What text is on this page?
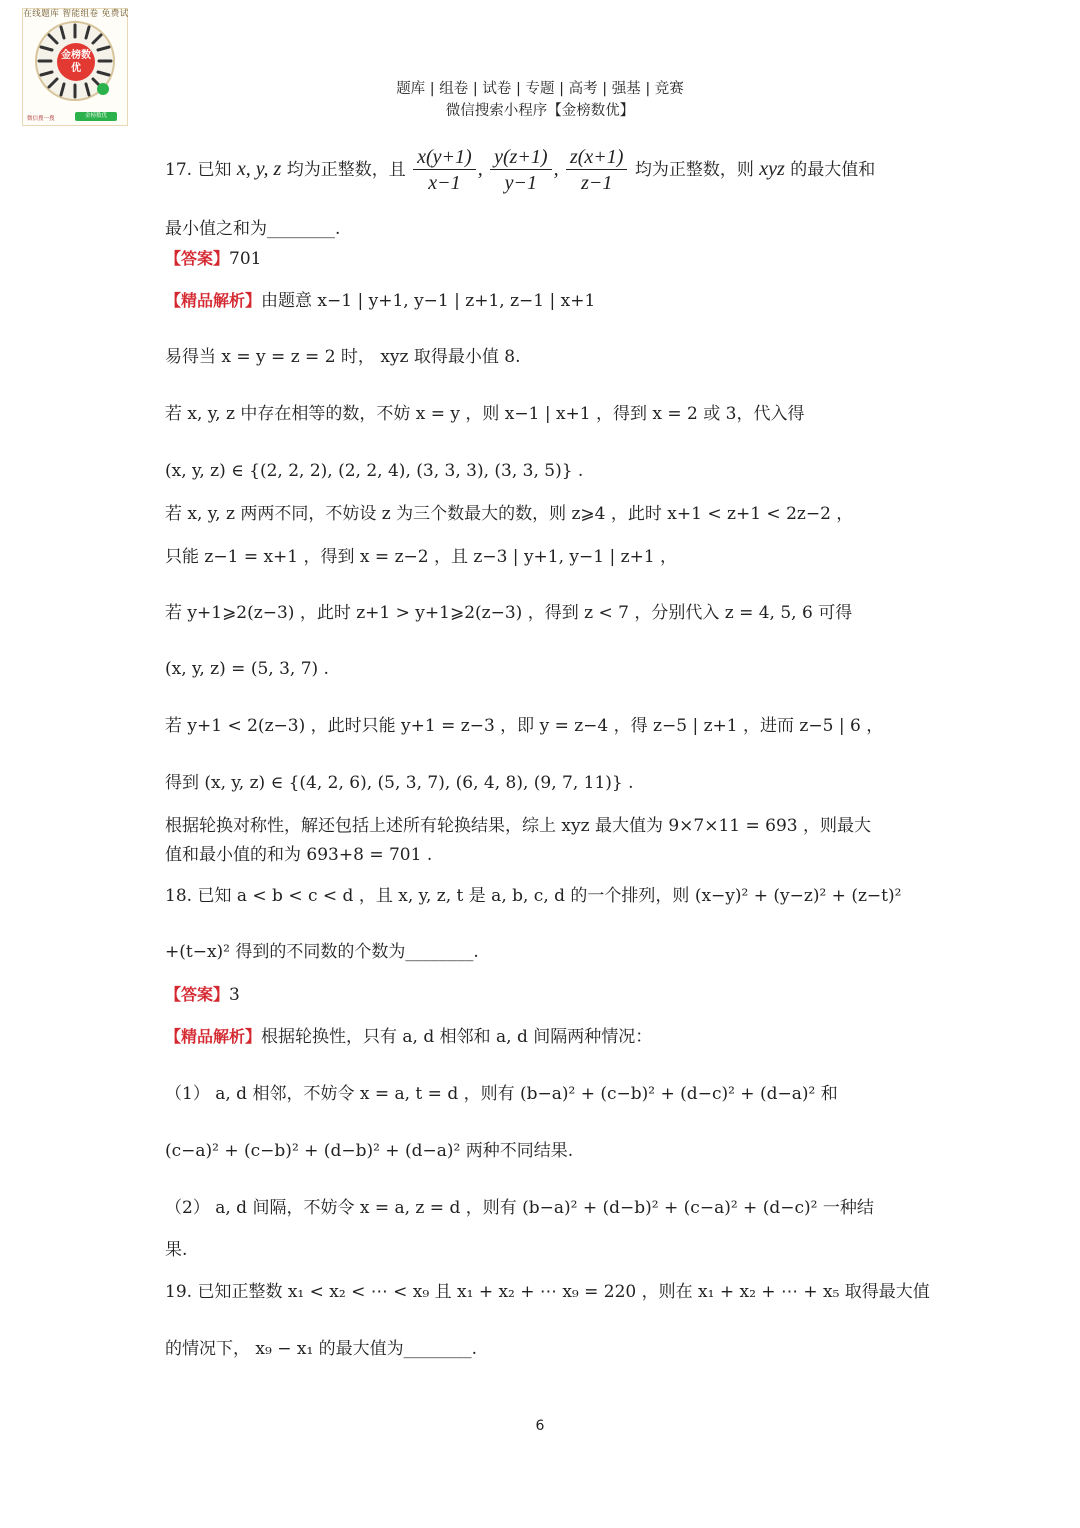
在线题库 智能组卷 免费试
金榜数优
微信搜一搜	金榜数优
题库 | 组卷 | 试卷 | 专题 | 高考 | 强基 | 竞赛
微信搜索小程序【金榜数优】
17. 已知 x, y, z 均为正整数，且 $\frac{x(y+1)}{x-1}$ , $\frac{y(z+1)}{y-1}$ , $\frac{z(x+1)}{z-1}$ 均为正整数，则 xyz 的最大值和
最小值之和为________.
【答案】701
【精品解析】由题意 x−1 | y+1, y−1 | z+1, z−1 | x+1
易得当 x = y = z = 2 时， xyz 取得最小值 8.
若 x, y, z 中存在相等的数，不妨 x = y ，则 x−1 | x+1 ，得到 x = 2 或 3，代入得
(x, y, z) ∈ {(2, 2, 2), (2, 2, 4), (3, 3, 3), (3, 3, 5)} .
若 x, y, z 两两不同，不妨设 z 为三个数最大的数，则 z⩾4 ，此时 x+1 < z+1 < 2z−2 ，
只能 z−1 = x+1 ，得到 x = z−2 ，且 z−3 | y+1, y−1 | z+1 ，
若 y+1⩾2(z−3) ，此时 z+1 > y+1⩾2(z−3) ，得到 z < 7 ，分别代入 z = 4, 5, 6 可得
(x, y, z) = (5, 3, 7) .
若 y+1 < 2(z−3) ，此时只能 y+1 = z−3 ，即 y = z−4 ，得 z−5 | z+1 ，进而 z−5 | 6 ，
得到 (x, y, z) ∈ {(4, 2, 6), (5, 3, 7), (6, 4, 8), (9, 7, 11)} .
根据轮换对称性，解还包括上述所有轮换结果，综上 xyz 最大值为 9×7×11 = 693 ，则最大
值和最小值的和为 693+8 = 701 .
18. 已知 a < b < c < d ，且 x, y, z, t 是 a, b, c, d 的一个排列，则 (x−y)² + (y−z)² + (z−t)²
+(t−x)² 得到的不同数的个数为________.
【答案】3
【精品解析】根据轮换性，只有 a, d 相邻和 a, d 间隔两种情况：
（1） a, d 相邻，不妨令 x = a, t = d ，则有 (b−a)² + (c−b)² + (d−c)² + (d−a)² 和
(c−a)² + (c−b)² + (d−b)² + (d−a)² 两种不同结果.
（2） a, d 间隔，不妨令 x = a, z = d ，则有 (b−a)² + (d−b)² + (c−a)² + (d−c)² 一种结
果.
19. 已知正整数 x₁ < x₂ < ⋯ < x₉ 且 x₁ + x₂ + ⋯ x₉ = 220 ，则在 x₁ + x₂ + ⋯ + x₅ 取得最大值
的情况下， x₉ − x₁ 的最大值为________.
6
